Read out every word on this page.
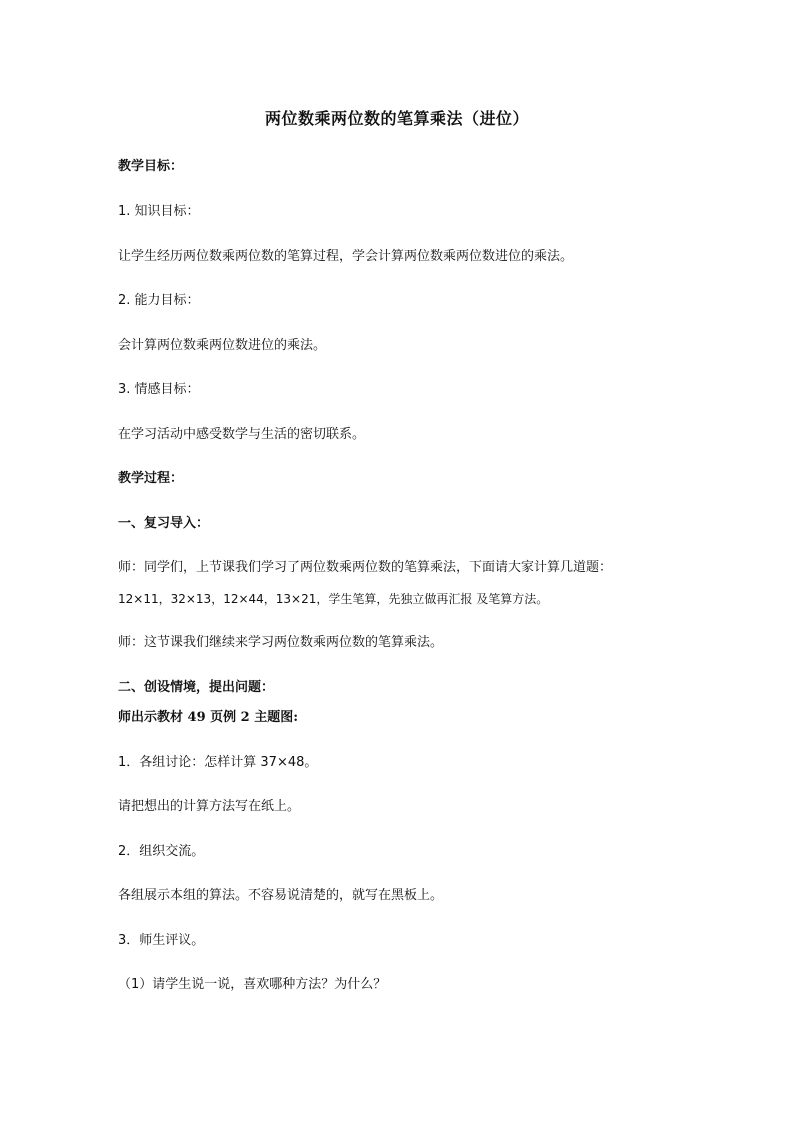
两位数乘两位数的笔算乘法（进位）
教学目标：
1. 知识目标：
让学生经历两位数乘两位数的笔算过程，学会计算两位数乘两位数进位的乘法。
2. 能力目标：
会计算两位数乘两位数进位的乘法。
3. 情感目标：
在学习活动中感受数学与生活的密切联系。
教学过程：
一、复习导入：
师：同学们，上节课我们学习了两位数乘两位数的笔算乘法，下面请大家计算几道题：
12×11，32×13，12×44，13×21，学生笔算，先独立做再汇报 及笔算方法。
师：这节课我们继续来学习两位数乘两位数的笔算乘法。
二、创设情境，提出问题：
师出示教材 49 页例 2 主题图:
1．各组讨论：怎样计算 37×48。
请把想出的计算方法写在纸上。
2．组织交流。
各组展示本组的算法。不容易说清楚的，就写在黑板上。
3．师生评议。
（1）请学生说一说，喜欢哪种方法？为什么？
